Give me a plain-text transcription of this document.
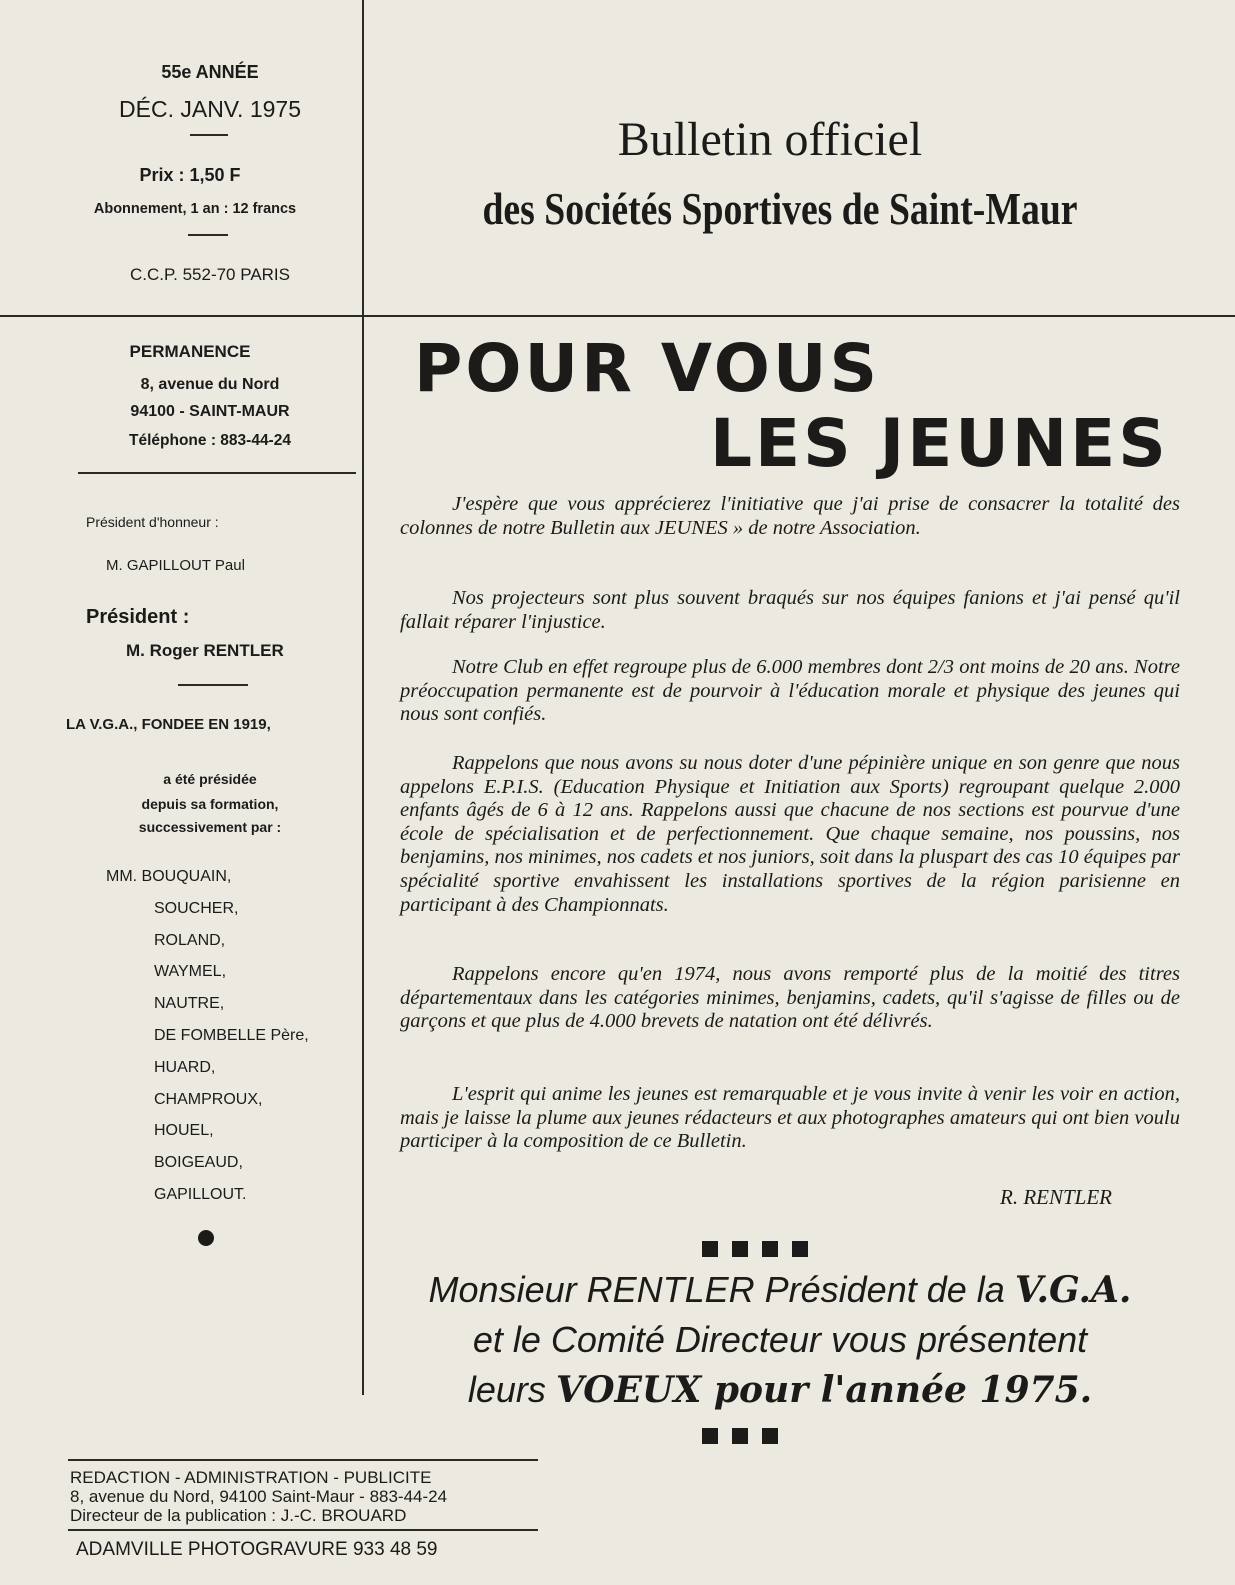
55e ANNÉE
DÉC. JANV. 1975
Prix : 1,50 F
Abonnement, 1 an : 12 francs
C.C.P. 552-70 PARIS
Bulletin officiel
des Sociétés Sportives de Saint-Maur
PERMANENCE
8, avenue du Nord
94100 - SAINT-MAUR
Téléphone : 883-44-24
Président d'honneur :
M. GAPILLOUT Paul
Président :
M. Roger RENTLER
LA V.G.A., FONDEE EN 1919,
a été présidée
depuis sa formation,
successivement par :
MM. BOUQUAIN,
SOUCHER,
ROLAND,
WAYMEL,
NAUTRE,
DE FOMBELLE Père,
HUARD,
CHAMPROUX,
HOUEL,
BOIGEAUD,
GAPILLOUT.
POUR VOUS
LES JEUNES

J'espère que vous apprécierez l'initiative que j'ai prise de consacrer la totalité des colonnes de notre Bulletin aux JEUNES » de notre Association.

Nos projecteurs sont plus souvent braqués sur nos équipes fanions et j'ai pensé qu'il fallait réparer l'injustice.

Notre Club en effet regroupe plus de 6.000 membres dont 2/3 ont moins de 20 ans. Notre préoccupation permanente est de pourvoir à l'éducation morale et physique des jeunes qui nous sont confiés.

Rappelons que nous avons su nous doter d'une pépinière unique en son genre que nous appelons E.P.I.S. (Education Physique et Initiation aux Sports) regroupant quelque 2.000 enfants âgés de 6 à 12 ans. Rappelons aussi que chacune de nos sections est pourvue d'une école de spécialisation et de perfectionnement. Que chaque semaine, nos poussins, nos benjamins, nos minimes, nos cadets et nos juniors, soit dans la pluspart des cas 10 équipes par spécialité sportive envahissent les installations sportives de la région parisienne en participant à des Championnats.

Rappelons encore qu'en 1974, nous avons remporté plus de la moitié des titres départementaux dans les catégories minimes, benjamins, cadets, qu'il s'agisse de filles ou de garçons et que plus de 4.000 brevets de natation ont été délivrés.

L'esprit qui anime les jeunes est remarquable et je vous invite à venir les voir en action, mais je laisse la plume aux jeunes rédacteurs et aux photographes amateurs qui ont bien voulu participer à la composition de ce Bulletin.

R. RENTLER
Monsieur RENTLER Président de la V.G.A.
et le Comité Directeur vous présentent
leurs VOEUX pour l'année 1975.
REDACTION - ADMINISTRATION - PUBLICITE
8, avenue du Nord, 94100 Saint-Maur - 883-44-24
Directeur de la publication : J.-C. BROUARD
ADAMVILLE PHOTOGRAVURE 933 48 59
